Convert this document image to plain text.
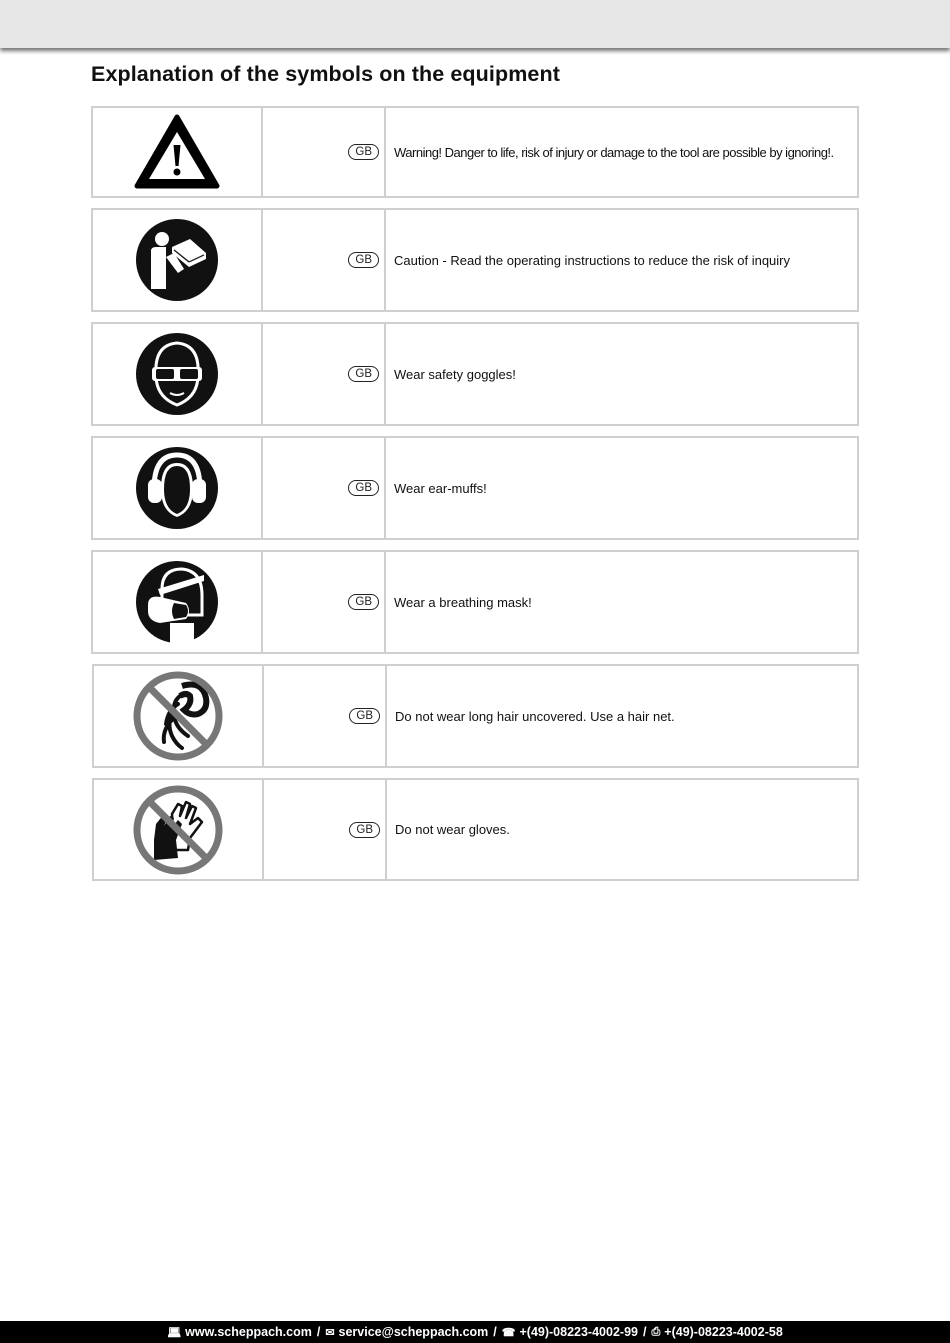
Explanation of the symbols on the equipment
GB	Warning! Danger to life, risk of injury or damage to the tool are possible by ignoring!.
GB	Caution - Read the operating instructions to reduce the risk of inquiry
GB	Wear safety goggles!
GB	Wear ear-muffs!
GB	Wear a breathing mask!
GB	Do not wear long hair uncovered. Use a hair net.
GB	Do not wear gloves.
💻︎ www.scheppach.com / ✉︎ service@scheppach.com / ☎︎ +(49)-08223-4002-99 / ⎙ +(49)-08223-4002-58
